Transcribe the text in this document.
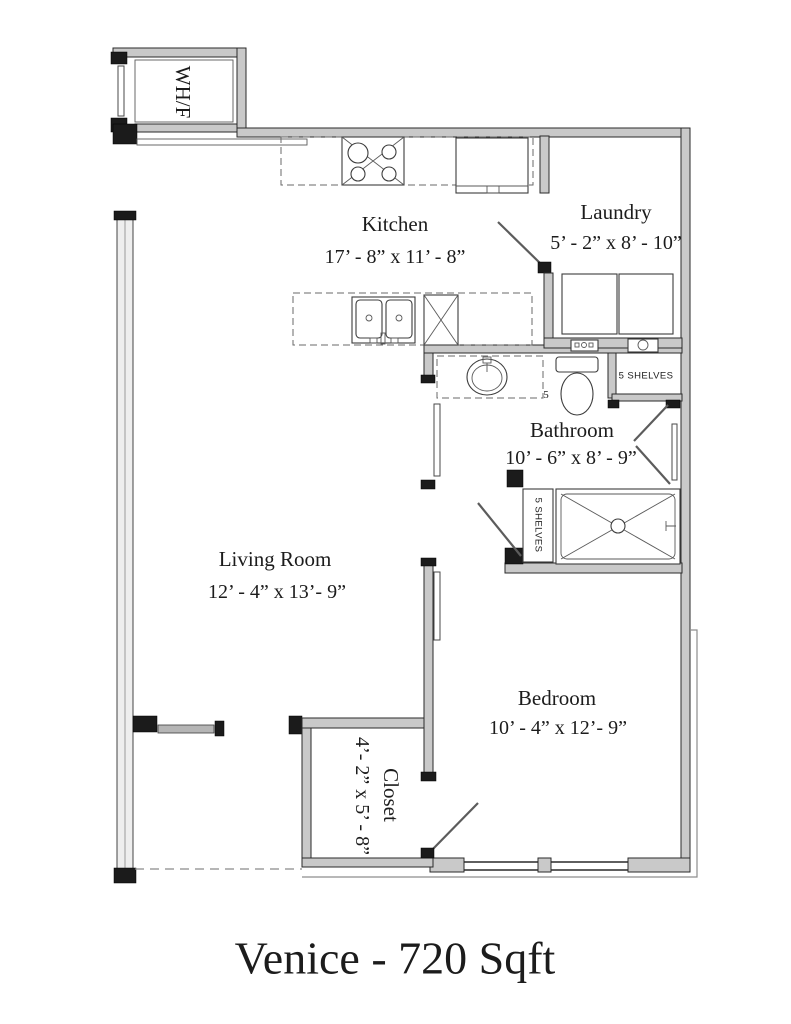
WH/F
Kitchen
17’ - 8” x 11’ - 8”
Laundry
5’ - 2” x 8’ - 10”
Bathroom
10’ - 6” x 8’ - 9”
Living Room
12’ - 4” x 13’- 9”
Bedroom
10’ - 4” x 12’- 9”
Closet
4’- 2” x 5’ - 8”
5 SHELVES
5 SHELVES
5
Venice - 720 Sqft
